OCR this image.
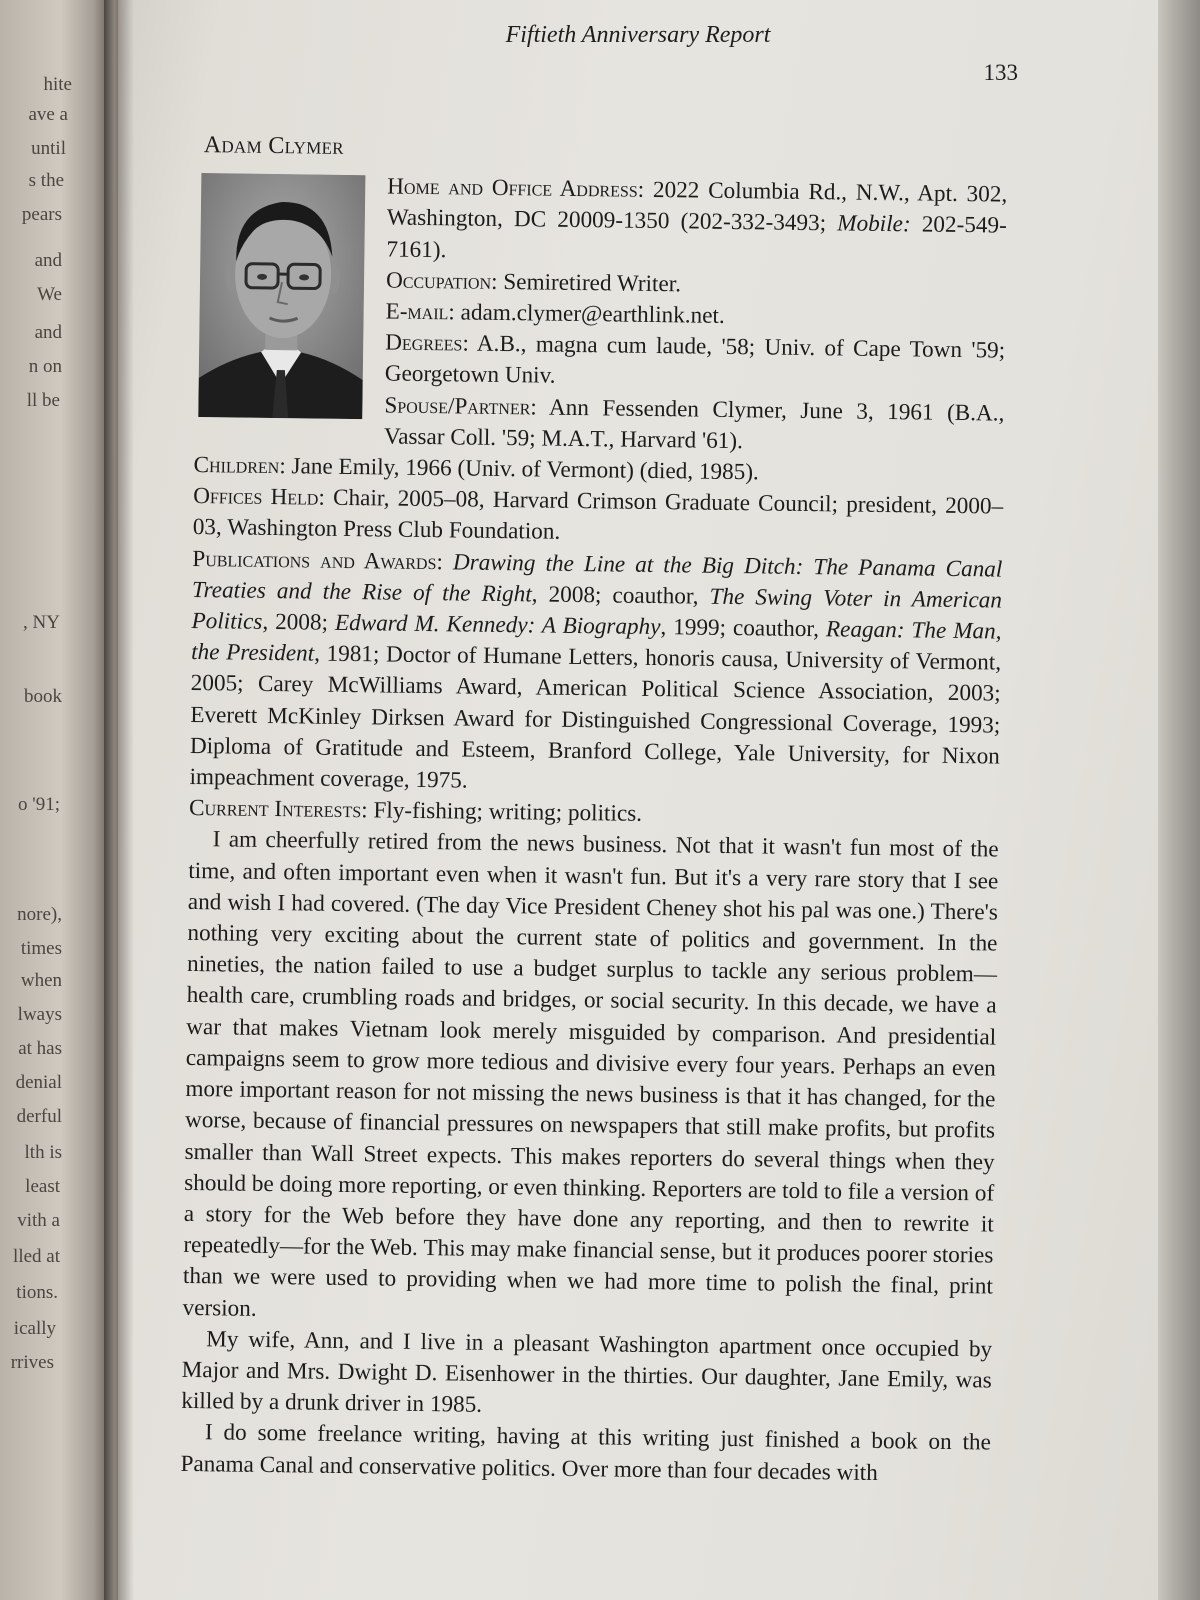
hite
ave a
until
s the
pears
and
We
and
n on
ll be
, NY
book
o '91;
nore),
times
when
lways
at has
denial
derful
lth is
least
vith a
lled at
tions.
ically
rrives
Fiftieth Anniversary Report
133
Adam Clymer

Home and Office Address: 2022 Columbia Rd., N.W., Apt. 302, Washington, DC 20009-1350 (202-332-3493; Mobile: 202-549-7161).

Occupation: Semiretired Writer.

E-mail: adam.clymer@earthlink.net.

Degrees: A.B., magna cum laude, '58; Univ. of Cape Town '59; Georgetown Univ.

Spouse/Partner: Ann Fessenden Clymer, June 3, 1961 (B.A., Vassar Coll. '59; M.A.T., Harvard '61).

Children: Jane Emily, 1966 (Univ. of Vermont) (died, 1985).

Offices Held: Chair, 2005–08, Harvard Crimson Graduate Council; president, 2000–03, Washington Press Club Foundation.

Publications and Awards: Drawing the Line at the Big Ditch: The Panama Canal Treaties and the Rise of the Right, 2008; coauthor, The Swing Voter in American Politics, 2008; Edward M. Kennedy: A Biography, 1999; coauthor, Reagan: The Man, the President, 1981; Doctor of Humane Letters, honoris causa, University of Vermont, 2005; Carey McWilliams Award, American Political Science Association, 2003; Everett McKinley Dirksen Award for Distinguished Congressional Coverage, 1993; Diploma of Gratitude and Esteem, Branford College, Yale University, for Nixon impeachment coverage, 1975.

Current Interests: Fly-fishing; writing; politics.

I am cheerfully retired from the news business. Not that it wasn't fun most of the time, and often important even when it wasn't fun. But it's a very rare story that I see and wish I had covered. (The day Vice President Cheney shot his pal was one.) There's nothing very exciting about the current state of politics and government. In the nineties, the nation failed to use a budget surplus to tackle any serious problem—health care, crumbling roads and bridges, or social security. In this decade, we have a war that makes Vietnam look merely misguided by comparison. And presidential campaigns seem to grow more tedious and divisive every four years. Perhaps an even more important reason for not missing the news business is that it has changed, for the worse, because of financial pressures on newspapers that still make profits, but profits smaller than Wall Street expects. This makes reporters do several things when they should be doing more reporting, or even thinking. Reporters are told to file a version of a story for the Web before they have done any reporting, and then to rewrite it repeatedly—for the Web. This may make financial sense, but it produces poorer stories than we were used to providing when we had more time to polish the final, print version.

My wife, Ann, and I live in a pleasant Washington apartment once occupied by Major and Mrs. Dwight D. Eisenhower in the thirties. Our daughter, Jane Emily, was killed by a drunk driver in 1985.

I do some freelance writing, having at this writing just finished a book on the Panama Canal and conservative politics. Over more than four decades with
